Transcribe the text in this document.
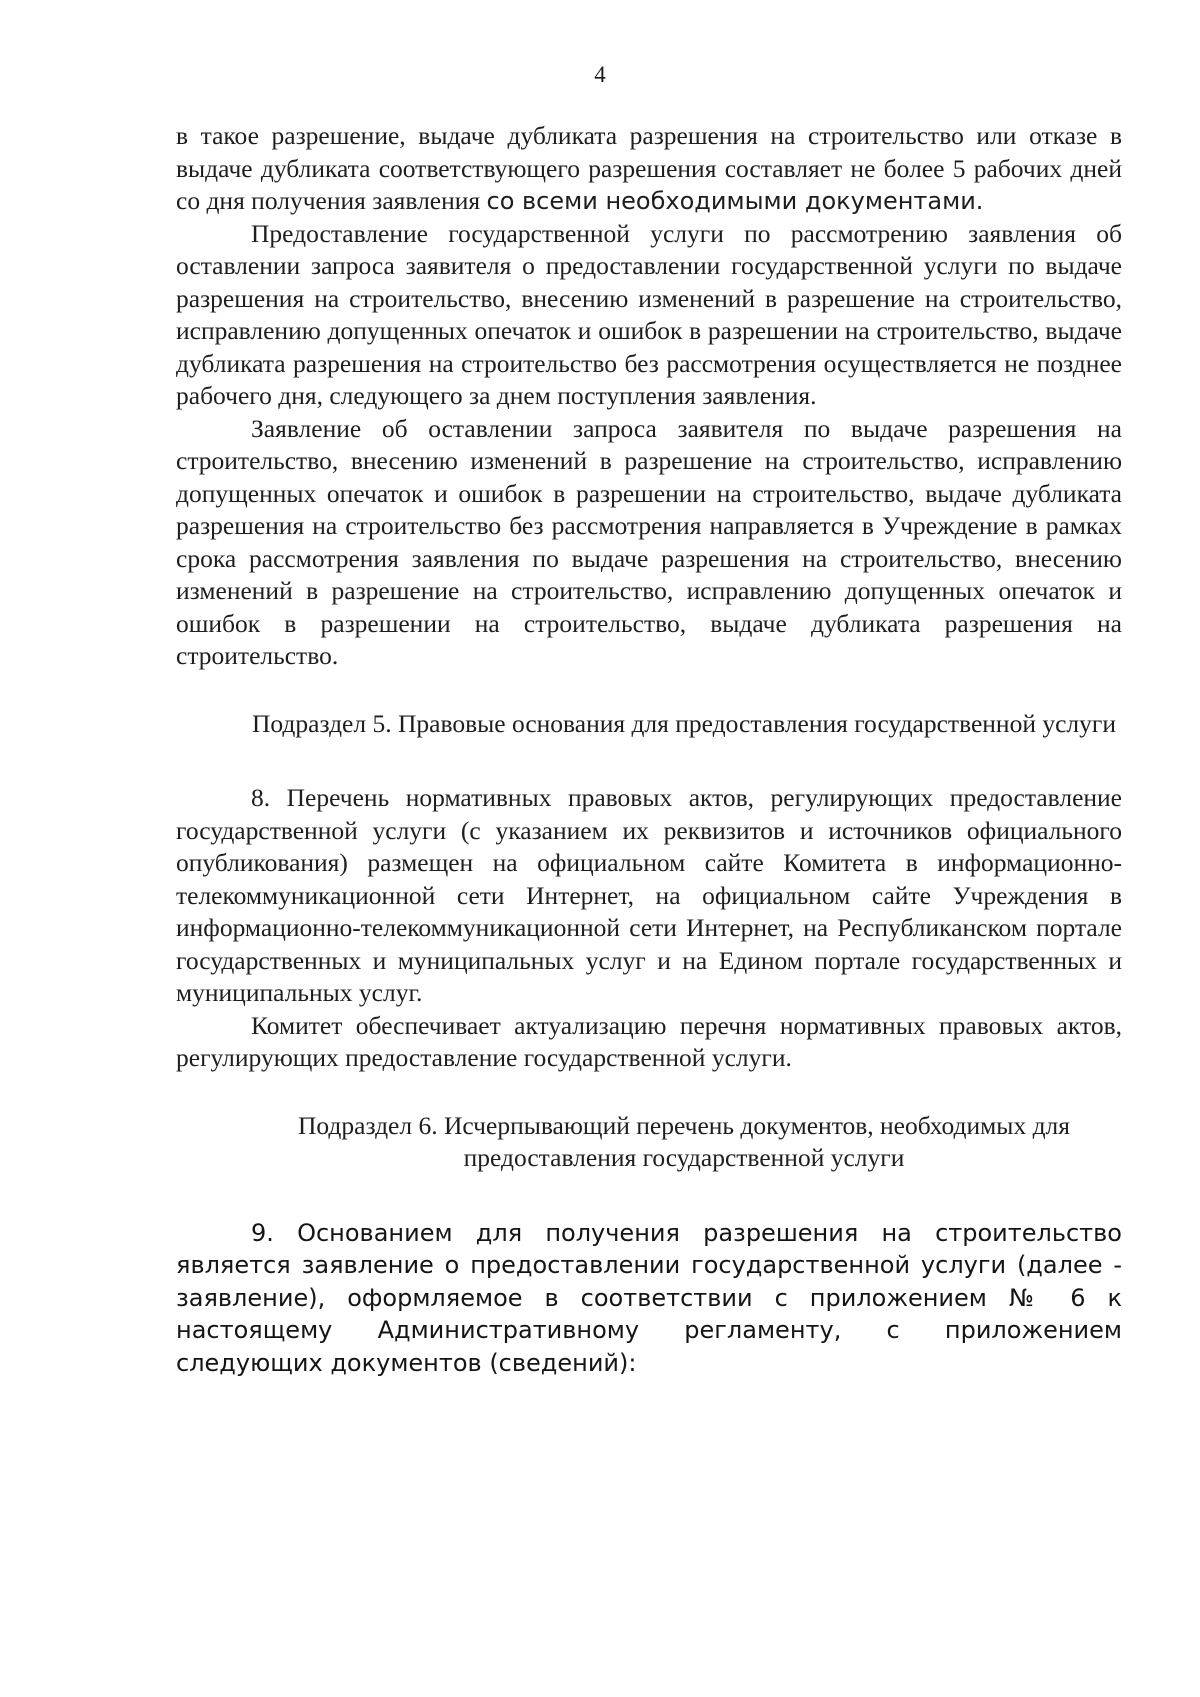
4

в такое разрешение, выдаче дубликата разрешения на строительство или отказе в выдаче дубликата соответствующего разрешения составляет не более 5 рабочих дней со дня получения заявления со всеми необходимыми документами.

Предоставление государственной услуги по рассмотрению заявления об оставлении запроса заявителя о предоставлении государственной услуги по выдаче разрешения на строительство, внесению изменений в разрешение на строительство, исправлению допущенных опечаток и ошибок в разрешении на строительство, выдаче дубликата разрешения на строительство без рассмотрения осуществляется не позднее рабочего дня, следующего за днем поступления заявления.

Заявление об оставлении запроса заявителя по выдаче разрешения на строительство, внесению изменений в разрешение на строительство, исправлению допущенных опечаток и ошибок в разрешении на строительство, выдаче дубликата разрешения на строительство без рассмотрения направляется в Учреждение в рамках срока рассмотрения заявления по выдаче разрешения на строительство, внесению изменений в разрешение на строительство, исправлению допущенных опечаток и ошибок в разрешении на строительство, выдаче дубликата разрешения на строительство.

Подраздел 5. Правовые основания для предоставления государственной услуги

8. Перечень нормативных правовых актов, регулирующих предоставление государственной услуги (с указанием их реквизитов и источников официального опубликования) размещен на официальном сайте Комитета в информационно-телекоммуникационной сети Интернет, на официальном сайте Учреждения в информационно-телекоммуникационной сети Интернет, на Республиканском портале государственных и муниципальных услуг и на Едином портале государственных и муниципальных услуг.

Комитет обеспечивает актуализацию перечня нормативных правовых актов, регулирующих предоставление государственной услуги.

Подраздел 6. Исчерпывающий перечень документов, необходимых для предоставления государственной услуги

9. Основанием для получения разрешения на строительство является заявление о предоставлении государственной услуги (далее - заявление), оформляемое в соответствии с приложением № 6 к настоящему Административному регламенту, с приложением следующих документов (сведений):
